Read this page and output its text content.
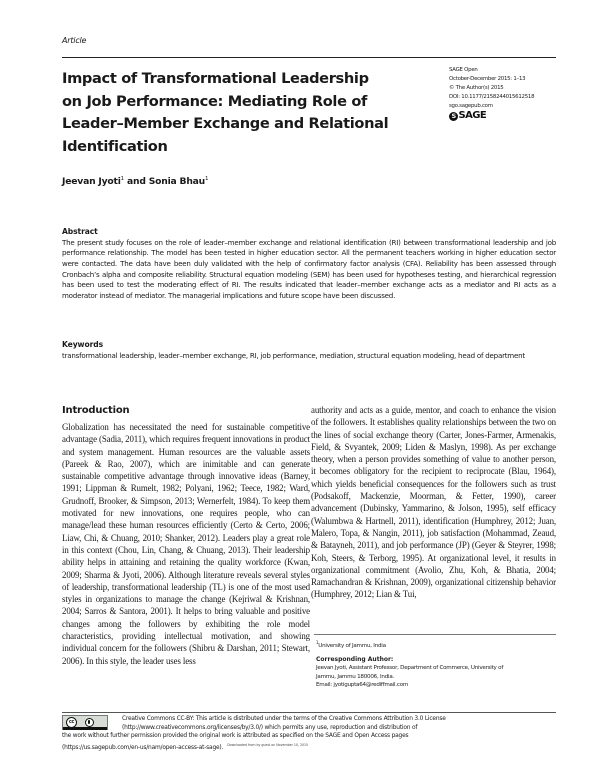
Article
Impact of Transformational Leadership on Job Performance: Mediating Role of Leader–Member Exchange and Relational Identification
SAGE Open
October-December 2015: 1–13
© The Author(s) 2015
DOI: 10.1177/2158244015612518
sgo.sagepub.com
S SAGE
Jeevan Jyoti$^1$ and Sonia Bhau$^1$
Abstract

The present study focuses on the role of leader–member exchange and relational identification (RI) between transformational leadership and job performance relationship. The model has been tested in higher education sector. All the permanent teachers working in higher education sector were contacted. The data have been duly validated with the help of confirmatory factor analysis (CFA). Reliability has been assessed through Cronbach’s alpha and composite reliability. Structural equation modeling (SEM) has been used for hypotheses testing, and hierarchical regression has been used to test the moderating effect of RI. The results indicated that leader–member exchange acts as a mediator and RI acts as a moderator instead of mediator. The managerial implications and future scope have been discussed.

Keywords

transformational leadership, leader–member exchange, RI, job performance, mediation, structural equation modeling, head of department

Introduction

Globalization has necessitated the need for sustainable competitive advantage (Sadia, 2011), which requires frequent innovations in product and system management. Human resources are the valuable assets (Pareek & Rao, 2007), which are inimitable and can generate sustainable competitive advantage through innovative ideas (Barney, 1991; Lippman & Rumelt, 1982; Polyani, 1962; Teece, 1982; Ward, Grudnoff, Brooker, & Simpson, 2013; Wernerfelt, 1984). To keep them motivated for new innovations, one requires people, who can manage/lead these human resources efficiently (Certo & Certo, 2006; Liaw, Chi, & Chuang, 2010; Shanker, 2012). Leaders play a great role in this context (Chou, Lin, Chang, & Chuang, 2013). Their leadership ability helps in attaining and retaining the quality workforce (Kwan, 2009; Sharma & Jyoti, 2006). Although literature reveals several styles of leadership, transformational leadership (TL) is one of the most used styles in organizations to manage the change (Kejriwal & Krishnan, 2004; Sarros & Santora, 2001). It helps to bring valuable and positive changes among the followers by exhibiting the role model characteristics, providing intellectual motivation, and showing individual concern for the followers (Shibru & Darshan, 2011; Stewart, 2006). In this style, the leader uses less

authority and acts as a guide, mentor, and coach to enhance the vision of the followers. It establishes quality relationships between the two on the lines of social exchange theory (Carter, Jones-Farmer, Armenakis, Field, & Svyantek, 2009; Liden & Maslyn, 1998). As per exchange theory, when a person provides something of value to another person, it becomes obligatory for the recipient to reciprocate (Blau, 1964), which yields beneficial consequences for the followers such as trust (Podsakoff, Mackenzie, Moorman, & Fetter, 1990), career advancement (Dubinsky, Yammarino, & Jolson, 1995), self efficacy (Walumbwa & Hartnell, 2011), identification (Humphrey, 2012; Juan, Malero, Topa, & Nangin, 2011), job satisfaction (Mohammad, Zeaud, & Batayneh, 2011), and job performance (JP) (Geyer & Steyrer, 1998; Koh, Steers, & Terborg, 1995). At organizational level, it results in organizational commitment (Avolio, Zhu, Koh, & Bhatia, 2004; Ramachandran & Krishnan, 2009), organizational citizenship behavior (Humphrey, 2012; Lian & Tui,

$^1$University of Jammu, India
Corresponding Author:
Jeevan Jyoti, Assistant Professor, Department of Commerce, University of
Jammu, Jammu 180006, India.
Email: jyotigupta64@rediffmail.com
cc	Creative Commons CC-BY: This article is distributed under the terms of the Creative Commons Attribution 3.0 License
(http://www.creativecommons.org/licenses/by/3.0/) which permits any use, reproduction and distribution of
the work without further permission provided the original work is attributed as specified on the SAGE and Open Access pages
(https://us.sagepub.com/en-us/nam/open-access-at-sage). $^{Downloaded from by guest on November 10, 2015}$
